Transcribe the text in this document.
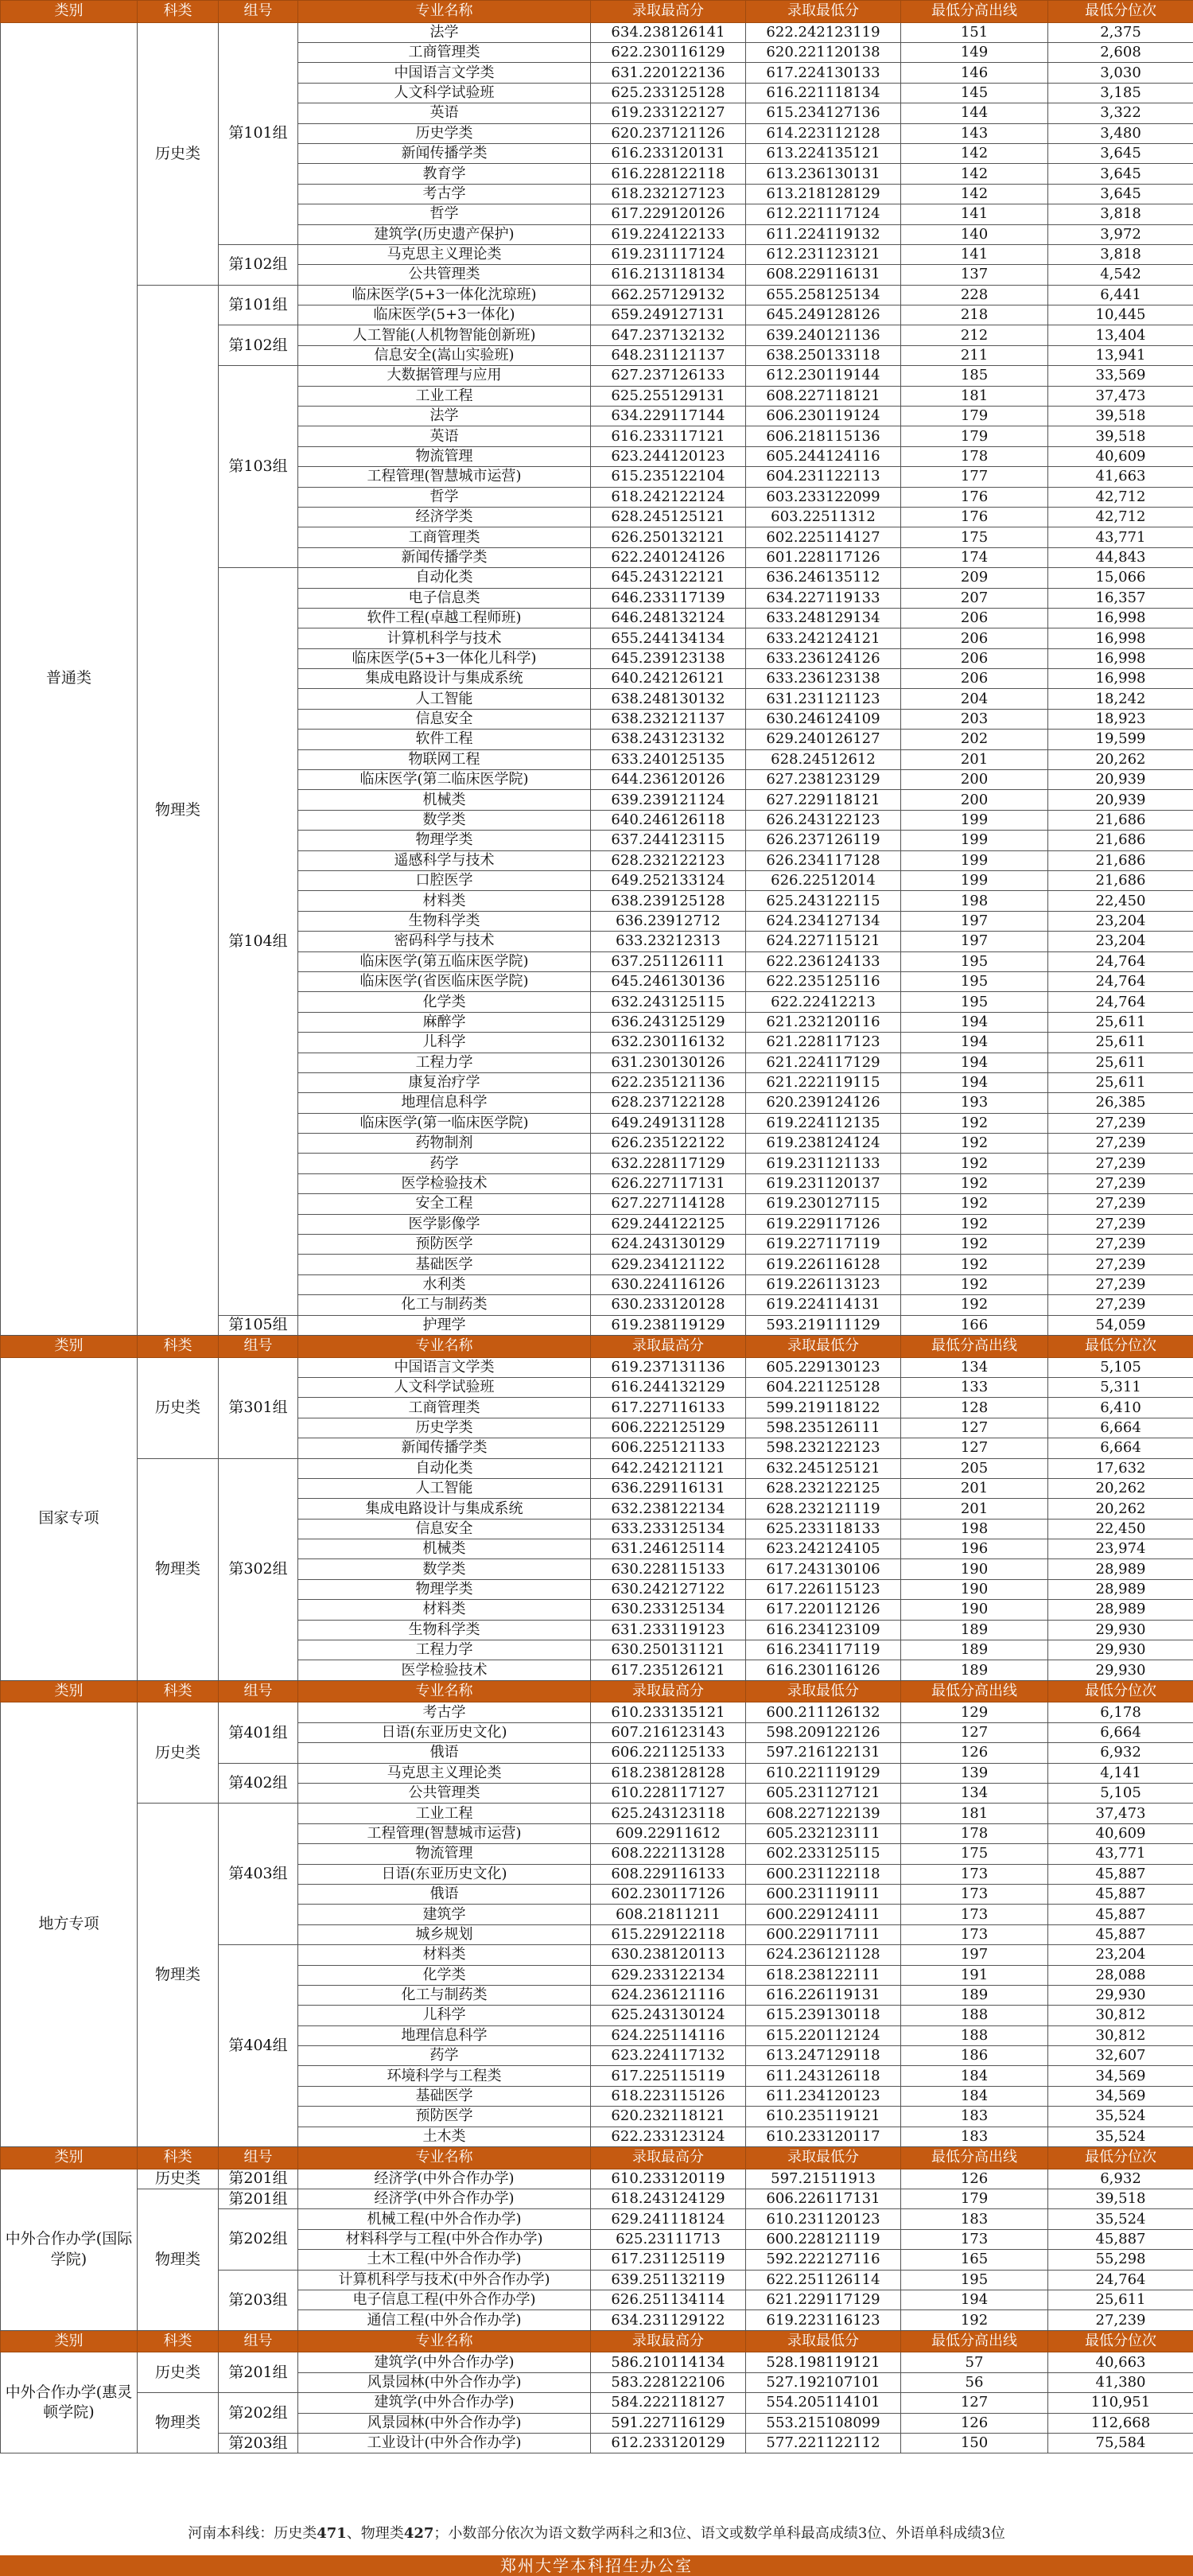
类别	科类	组号	专业名称	录取最高分	录取最低分	最低分高出线	最低分位次
普通类	历史类	第101组	法学	634.238126141	622.242123119	151	2,375
			工商管理类	622.230116129	620.221120138	149	2,608
			中国语言文学类	631.220122136	617.224130133	146	3,030
			人文科学试验班	625.233125128	616.221118134	145	3,185
			英语	619.233122127	615.234127136	144	3,322
			历史学类	620.237121126	614.223112128	143	3,480
			新闻传播学类	616.233120131	613.224135121	142	3,645
			教育学	616.228122118	613.236130131	142	3,645
			考古学	618.232127123	613.218128129	142	3,645
			哲学	617.229120126	612.221117124	141	3,818
			建筑学(历史遗产保护)	619.224122133	611.224119132	140	3,972
		第102组	马克思主义理论类	619.231117124	612.231123121	141	3,818
			公共管理类	616.213118134	608.229116131	137	4,542
	物理类	第101组	临床医学(5+3一体化沈琼班)	662.257129132	655.258125134	228	6,441
			临床医学(5+3一体化)	659.249127131	645.249128126	218	10,445
		第102组	人工智能(人机物智能创新班)	647.237132132	639.240121136	212	13,404
			信息安全(嵩山实验班)	648.231121137	638.250133118	211	13,941
		第103组	大数据管理与应用	627.237126133	612.230119144	185	33,569
			工业工程	625.255129131	608.227118121	181	37,473
			法学	634.229117144	606.230119124	179	39,518
			英语	616.233117121	606.218115136	179	39,518
			物流管理	623.244120123	605.244124116	178	40,609
			工程管理(智慧城市运营)	615.235122104	604.231122113	177	41,663
			哲学	618.242122124	603.233122099	176	42,712
			经济学类	628.245125121	603.22511312	176	42,712
			工商管理类	626.250132121	602.225114127	175	43,771
			新闻传播学类	622.240124126	601.228117126	174	44,843
		第104组	自动化类	645.243122121	636.246135112	209	15,066
			电子信息类	646.233117139	634.227119133	207	16,357
			软件工程(卓越工程师班)	646.248132124	633.248129134	206	16,998
			计算机科学与技术	655.244134134	633.242124121	206	16,998
			临床医学(5+3一体化儿科学)	645.239123138	633.236124126	206	16,998
			集成电路设计与集成系统	640.242126121	633.236123138	206	16,998
			人工智能	638.248130132	631.231121123	204	18,242
			信息安全	638.232121137	630.246124109	203	18,923
			软件工程	638.243123132	629.240126127	202	19,599
			物联网工程	633.240125135	628.24512612	201	20,262
			临床医学(第二临床医学院)	644.236120126	627.238123129	200	20,939
			机械类	639.239121124	627.229118121	200	20,939
			数学类	640.246126118	626.243122123	199	21,686
			物理学类	637.244123115	626.237126119	199	21,686
			遥感科学与技术	628.232122123	626.234117128	199	21,686
			口腔医学	649.252133124	626.22512014	199	21,686
			材料类	638.239125128	625.243122115	198	22,450
			生物科学类	636.23912712	624.234127134	197	23,204
			密码科学与技术	633.23212313	624.227115121	197	23,204
			临床医学(第五临床医学院)	637.251126111	622.236124133	195	24,764
			临床医学(省医临床医学院)	645.246130136	622.235125116	195	24,764
			化学类	632.243125115	622.22412213	195	24,764
			麻醉学	636.243125129	621.232120116	194	25,611
			儿科学	632.230116132	621.228117123	194	25,611
			工程力学	631.230130126	621.224117129	194	25,611
			康复治疗学	622.235121136	621.222119115	194	25,611
			地理信息科学	628.237122128	620.239124126	193	26,385
			临床医学(第一临床医学院)	649.249131128	619.224112135	192	27,239
			药物制剂	626.235122122	619.238124124	192	27,239
			药学	632.228117129	619.231121133	192	27,239
			医学检验技术	626.227117131	619.231120137	192	27,239
			安全工程	627.227114128	619.230127115	192	27,239
			医学影像学	629.244122125	619.229117126	192	27,239
			预防医学	624.243130129	619.227117119	192	27,239
			基础医学	629.234121122	619.226116128	192	27,239
			水利类	630.224116126	619.226113123	192	27,239
			化工与制药类	630.233120128	619.224114131	192	27,239
		第105组	护理学	619.238119129	593.219111129	166	54,059
类别	科类	组号	专业名称	录取最高分	录取最低分	最低分高出线	最低分位次
国家专项	历史类	第301组	中国语言文学类	619.237131136	605.229130123	134	5,105
			人文科学试验班	616.244132129	604.221125128	133	5,311
			工商管理类	617.227116133	599.219118122	128	6,410
			历史学类	606.222125129	598.235126111	127	6,664
			新闻传播学类	606.225121133	598.232122123	127	6,664
	物理类	第302组	自动化类	642.242121121	632.245125121	205	17,632
			人工智能	636.229116131	628.232122125	201	20,262
			集成电路设计与集成系统	632.238122134	628.232121119	201	20,262
			信息安全	633.233125134	625.233118133	198	22,450
			机械类	631.246125114	623.242124105	196	23,974
			数学类	630.228115133	617.243130106	190	28,989
			物理学类	630.242127122	617.226115123	190	28,989
			材料类	630.233125134	617.220112126	190	28,989
			生物科学类	631.233119123	616.234123109	189	29,930
			工程力学	630.250131121	616.234117119	189	29,930
			医学检验技术	617.235126121	616.230116126	189	29,930
类别	科类	组号	专业名称	录取最高分	录取最低分	最低分高出线	最低分位次
地方专项	历史类	第401组	考古学	610.233135121	600.211126132	129	6,178
			日语(东亚历史文化)	607.216123143	598.209122126	127	6,664
			俄语	606.221125133	597.216122131	126	6,932
		第402组	马克思主义理论类	618.238128128	610.221119129	139	4,141
			公共管理类	610.228117127	605.231127121	134	5,105
	物理类	第403组	工业工程	625.243123118	608.227122139	181	37,473
			工程管理(智慧城市运营)	609.22911612	605.232123111	178	40,609
			物流管理	608.222113128	602.233125115	175	43,771
			日语(东亚历史文化)	608.229116133	600.231122118	173	45,887
			俄语	602.230117126	600.231119111	173	45,887
			建筑学	608.21811211	600.229124111	173	45,887
			城乡规划	615.229122118	600.229117111	173	45,887
		第404组	材料类	630.238120113	624.236121128	197	23,204
			化学类	629.233122134	618.238122111	191	28,088
			化工与制药类	624.236121116	616.226119131	189	29,930
			儿科学	625.243130124	615.239130118	188	30,812
			地理信息科学	624.225114116	615.220112124	188	30,812
			药学	623.224117132	613.247129118	186	32,607
			环境科学与工程类	617.225115119	611.243126118	184	34,569
			基础医学	618.223115126	611.234120123	184	34,569
			预防医学	620.232118121	610.235119121	183	35,524
			土木类	622.233123124	610.233120117	183	35,524
类别	科类	组号	专业名称	录取最高分	录取最低分	最低分高出线	最低分位次
中外合作办学(国际学院)	历史类	第201组	经济学(中外合作办学)	610.233120119	597.21511913	126	6,932
	物理类	第201组	经济学(中外合作办学)	618.243124129	606.226117131	179	39,518
		第202组	机械工程(中外合作办学)	629.241118124	610.231120123	183	35,524
			材料科学与工程(中外合作办学)	625.23111713	600.228121119	173	45,887
			土木工程(中外合作办学)	617.231125119	592.222127116	165	55,298
		第203组	计算机科学与技术(中外合作办学)	639.251132119	622.251126114	195	24,764
			电子信息工程(中外合作办学)	626.251134114	621.229117129	194	25,611
			通信工程(中外合作办学)	634.231129122	619.223116123	192	27,239
类别	科类	组号	专业名称	录取最高分	录取最低分	最低分高出线	最低分位次
中外合作办学(惠灵顿学院)	历史类	第201组	建筑学(中外合作办学)	586.210114134	528.198119121	57	40,663
			风景园林(中外合作办学)	583.228122106	527.192107101	56	41,380
	物理类	第202组	建筑学(中外合作办学)	584.222118127	554.205114101	127	110,951
			风景园林(中外合作办学)	591.227116129	553.215108099	126	112,668
		第203组	工业设计(中外合作办学)	612.233120129	577.221122112	150	75,584
河南本科线：历史类471、物理类427；小数部分依次为语文数学两科之和3位、语文或数学单科最高成绩3位、外语单科成绩3位
郑州大学本科招生办公室
